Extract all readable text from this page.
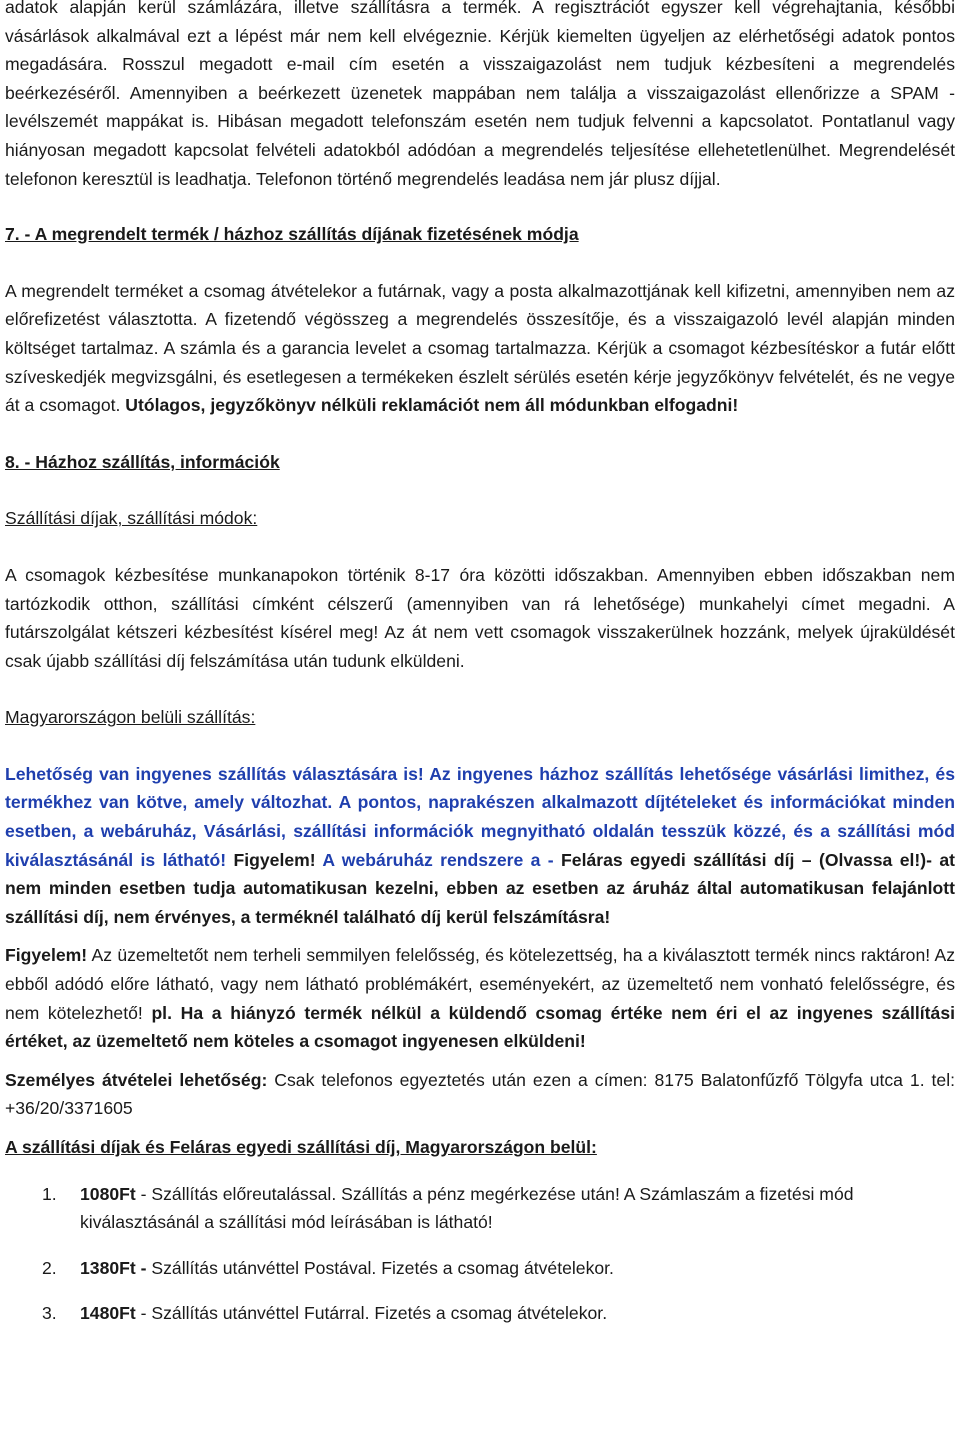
adatok alapján kerül számlázára, illetve szállításra a termék. A regisztrációt egyszer kell végrehajtania, későbbi vásárlások alkalmával ezt a lépést már nem kell elvégeznie. Kérjük kiemelten ügyeljen az elérhetőségi adatok pontos megadására. Rosszul megadott e-mail cím esetén a visszaigazolást nem tudjuk kézbesíteni a megrendelés beérkezéséről. Amennyiben a beérkezett üzenetek mappában nem találja a visszaigazolást ellenőrizze a SPAM - levélszemét mappákat is. Hibásan megadott telefonszám esetén nem tudjuk felvenni a kapcsolatot. Pontatlanul vagy hiányosan megadott kapcsolat felvételi adatokból adódóan a megrendelés teljesítése ellehetetlenülhet. Megrendelését telefonon keresztül is leadhatja. Telefonon történő megrendelés leadása nem jár plusz díjjal.

7. - A megrendelt termék / házhoz szállítás díjának fizetésének módja

A megrendelt terméket a csomag átvételekor a futárnak, vagy a posta alkalmazottjának kell kifizetni, amennyiben nem az előrefizetést választotta. A fizetendő végösszeg a megrendelés összesítője, és a visszaigazoló levél alapján minden költséget tartalmaz. A számla és a garancia levelet a csomag tartalmazza. Kérjük a csomagot kézbesítéskor a futár előtt szíveskedjék megvizsgálni, és esetlegesen a termékeken észlelt sérülés esetén kérje jegyzőkönyv felvételét, és ne vegye át a csomagot. Utólagos, jegyzőkönyv nélküli reklamációt nem áll módunkban elfogadni!

8. - Házhoz szállítás, információk

Szállítási díjak, szállítási módok:

A csomagok kézbesítése munkanapokon történik 8-17 óra közötti időszakban. Amennyiben ebben időszakban nem tartózkodik otthon, szállítási címként célszerű (amennyiben van rá lehetősége) munkahelyi címet megadni. A futárszolgálat kétszeri kézbesítést kísérel meg! Az át nem vett csomagok visszakerülnek hozzánk, melyek újraküldését csak újabb szállítási díj felszámítása után tudunk elküldeni.

Magyarországon belüli szállítás:

Lehetőség van ingyenes szállítás választására is! Az ingyenes házhoz szállítás lehetősége vásárlási limithez, és termékhez van kötve, amely változhat. A pontos, naprakészen alkalmazott díjtételeket és információkat minden esetben, a webáruház, Vásárlási, szállítási információk megnyitható oldalán tesszük közzé, és a szállítási mód kiválasztásánál is látható! Figyelem! A webáruház rendszere a - Feláras egyedi szállítási díj – (Olvassa el!)- at nem minden esetben tudja automatikusan kezelni, ebben az esetben az áruház által automatikusan felajánlott szállítási díj, nem érvényes, a terméknél található díj kerül felszámításra!

Figyelem! Az üzemeltetőt nem terheli semmilyen felelősség, és kötelezettség, ha a kiválasztott termék nincs raktáron! Az ebből adódó előre látható, vagy nem látható problémákért, eseményekért, az üzemeltető nem vonható felelősségre, és nem kötelezhető! pl. Ha a hiányzó termék nélkül a küldendő csomag értéke nem éri el az ingyenes szállítási értéket, az üzemeltető nem köteles a csomagot ingyenesen elküldeni!

Személyes átvételei lehetőség: Csak telefonos egyeztetés után ezen a címen: 8175 Balatonfűzfő Tölgyfa utca 1. tel: +36/20/3371605

A szállítási díjak és Feláras egyedi szállítási díj, Magyarországon belül:

1. 1080Ft - Szállítás előreutalással. Szállítás a pénz megérkezése után! A Számlaszám a fizetési mód kiválasztásánál a szállítási mód leírásában is látható!
2. 1380Ft - Szállítás utánvéttel Postával. Fizetés a csomag átvételekor.
3. 1480Ft - Szállítás utánvéttel Futárral. Fizetés a csomag átvételekor.
